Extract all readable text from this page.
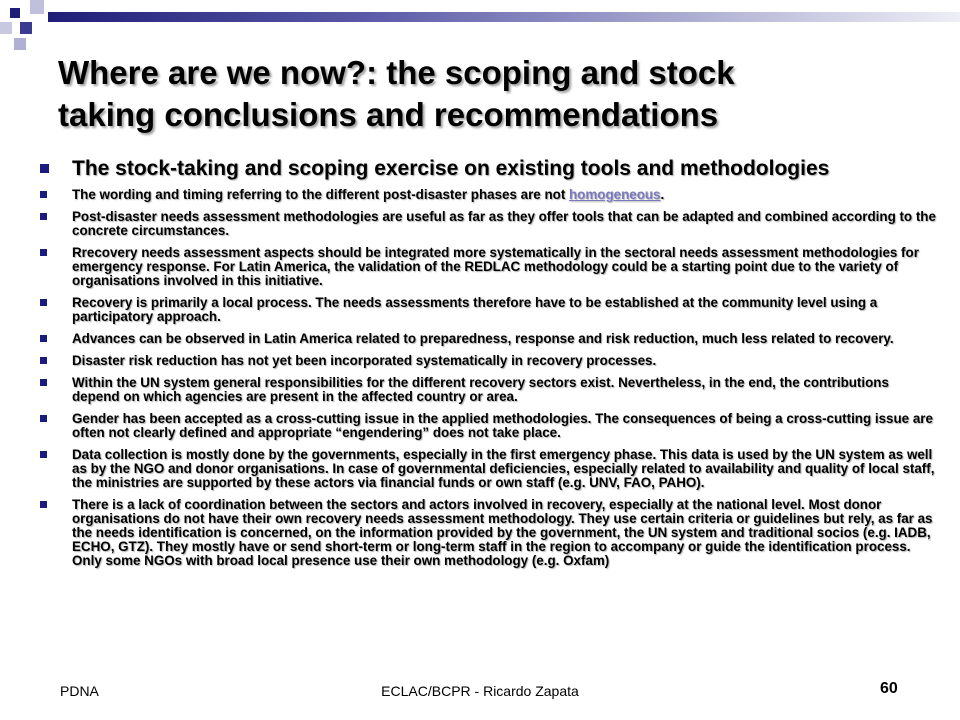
Where are we now?: the scoping and stock
taking conclusions and recommendations
The stock-taking and scoping exercise on existing tools and methodologies
The wording and timing referring to the different post-disaster phases are not homogeneous.
Post-disaster needs assessment methodologies are useful as far as they offer tools that can be adapted and combined according to the concrete circumstances.
Rrecovery needs assessment aspects should be integrated more systematically in the sectoral needs assessment methodologies for emergency response. For Latin America, the validation of the REDLAC methodology could be a starting point due to the variety of organisations involved in this initiative.
Recovery is primarily a local process. The needs assessments therefore have to be established at the community level using a participatory approach.
Advances can be observed in Latin America related to preparedness, response and risk reduction, much less related to recovery.
Disaster risk reduction has not yet been incorporated systematically in recovery processes.
Within the UN system general responsibilities for the different recovery sectors exist. Nevertheless, in the end, the contributions depend on which agencies are present in the affected country or area.
Gender has been accepted as a cross-cutting issue in the applied methodologies. The consequences of being a cross-cutting issue are often not clearly defined and appropriate “engendering” does not take place.
Data collection is mostly done by the governments, especially in the first emergency phase. This data is used by the UN system as well as by the NGO and donor organisations. In case of governmental deficiencies, especially related to availability and quality of local staff, the ministries are supported by these actors via financial funds or own staff (e.g. UNV, FAO, PAHO).
There is a lack of coordination between the sectors and actors involved in recovery, especially at the national level. Most donor organisations do not have their own recovery needs assessment methodology. They use certain criteria or guidelines but rely, as far as the needs identification is concerned, on the information provided by the government, the UN system and traditional socios (e.g. IADB, ECHO, GTZ). They mostly have or send short-term or long-term staff in the region to accompany or guide the identification process. Only some NGOs with broad local presence use their own methodology (e.g. Oxfam)
PDNA	ECLAC/BCPR - Ricardo Zapata	60
